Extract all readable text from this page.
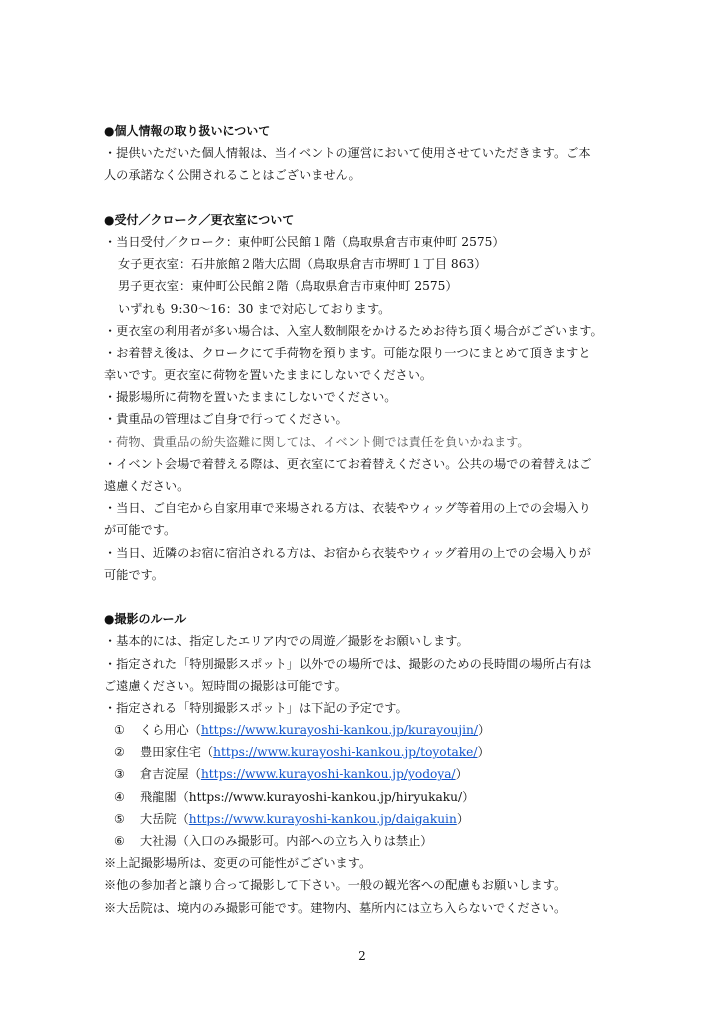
●個人情報の取り扱いについて
・提供いただいた個人情報は、当イベントの運営において使用させていただきます。ご本
人の承諾なく公開されることはございません。
●受付／クローク／更衣室について
・当日受付／クローク：東仲町公民館１階（鳥取県倉吉市東仲町 2575）
女子更衣室：石井旅館２階大広間（鳥取県倉吉市堺町１丁目 863）
男子更衣室：東仲町公民館２階（鳥取県倉吉市東仲町 2575）
いずれも 9:30〜16：30 まで対応しております。
・更衣室の利用者が多い場合は、入室人数制限をかけるためお待ち頂く場合がございます。
・お着替え後は、クロークにて手荷物を預ります。可能な限り一つにまとめて頂きますと
幸いです。更衣室に荷物を置いたままにしないでください。
・撮影場所に荷物を置いたままにしないでください。
・貴重品の管理はご自身で行ってください。
・荷物、貴重品の紛失盗難に関しては、イベント側では責任を負いかねます。
・イベント会場で着替える際は、更衣室にてお着替えください。公共の場での着替えはご
遠慮ください。
・当日、ご自宅から自家用車で来場される方は、衣装やウィッグ等着用の上での会場入り
が可能です。
・当日、近隣のお宿に宿泊される方は、お宿から衣装やウィッグ着用の上での会場入りが
可能です。
●撮影のルール
・基本的には、指定したエリア内での周遊／撮影をお願いします。
・指定された「特別撮影スポット」以外での場所では、撮影のための長時間の場所占有は
ご遠慮ください。短時間の撮影は可能です。
・指定される「特別撮影スポット」は下記の予定です。
① くら用心（https://www.kurayoshi-kankou.jp/kurayoujin/）
② 豊田家住宅（https://www.kurayoshi-kankou.jp/toyotake/）
③ 倉吉淀屋（https://www.kurayoshi-kankou.jp/yodoya/）
④ 飛龍閣（https://www.kurayoshi-kankou.jp/hiryukaku/）
⑤ 大岳院（https://www.kurayoshi-kankou.jp/daigakuin）
⑥ 大社湯（入口のみ撮影可。内部への立ち入りは禁止）
※上記撮影場所は、変更の可能性がございます。
※他の参加者と譲り合って撮影して下さい。一般の観光客への配慮もお願いします。
※大岳院は、境内のみ撮影可能です。建物内、墓所内には立ち入らないでください。
2
